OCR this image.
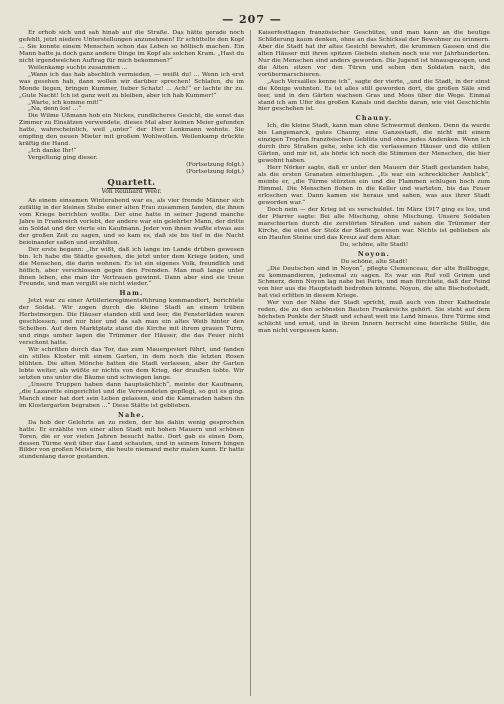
— 207 —

Er erhob sich und sah hinab auf die Straße. Das hätte gerade noch gefehlt, jetzt niedere Unterstellungen anzunehmen! Er schüttelte den Kopf ... Sie konnte einem Menschen schon das Leben so höllisch machen. Ein Mann hatte ja doch ganz andere Dinge im Kopf als solchen Kram. „Hast du nicht irgendwelchen Auftrag für mich bekommen?“

Weilenkamp suchte zusammen ...

„Wann ich das hab abschlich vermieden, — weißt du! ... Wenn ich erst was gesehen hab, dann wollen wir darüber sprechen! Schlafen, du im Monde liegen, bringen Kummer, lieber Schatz! ... Ach!“ er lachte ihr zu. „Gute Nacht! Ich ist ganz weit zu bleiben, aber ich hab Kummer!“

„Warte, ich komme mit!“

„Na, denn los! ...“

Die Wilme Ußmann hob ein Nickes, rundlicheres Gesicht, die sonst das Zimmer zu Einsätzen verwendete, dieses Mal aber keinen Meier gefunden hatte, wahrscheinlich, weil „unter“ der Herr Lenkmann wohnte. Sie empfing den neuen Mieter mit großem Wohlwollen. Weilenkamp drückte kräftig die Hand.

„Ich danke Ihr!“

Vergeltung ging dieser.

(Fortsetzung folgt.)
(Fortsetzung folgt.)
Quartett.
Von Reinhard Weer.

An einem einsamen Winterabend war es, als vier fremde Männer sich zufällig in der kleinen Stube einer alten Frau zusammen fanden, die ihnen vom Kriege berichten wollte. Der eine hatte in seiner Jugend manche Jahre in Frankreich verlebt, der andere war ein gelehrter Mann, der dritte ein Soldat und der vierte ein Kaufmann. Jeder von ihnen wußte etwas aus der großen Zeit zu sagen, und so kam es, daß sie bis tief in die Nacht beieinander saßen und erzählten.

Der erste begann: „Ihr wißt, daß ich lange im Lande drüben gewesen bin. Ich habe die Städte gesehen, die jetzt unter dem Kriege leiden, und die Menschen, die darin wohnen. Es ist ein eigenes Volk, freundlich und höflich, aber verschlossen gegen den Fremden. Man muß lange unter ihnen leben, ehe man ihr Vertrauen gewinnt. Dann aber sind sie treue Freunde, und man vergißt sie nicht wieder.“

Ham.

Jetzt war zu einer Artillerieregimentsführung kommandiert, berichtete der Soldat. Wir zogen durch die kleine Stadt an einem trüben Herbstmorgen. Die Häuser standen still und leer, die Fensterläden waren geschlossen, und nur hier und da sah man ein altes Weib hinter den Scheiben. Auf dem Marktplatz stand die Kirche mit ihrem grauen Turm, und rings umher lagen die Trümmer der Häuser, die das Feuer nicht verschont hatte.

Wir schritten durch das Tor, das zum Mauergeviert führt, und fanden ein stilles Kloster mit einem Garten, in dem noch die letzten Rosen blühten. Die alten Mönche hatten die Stadt verlassen, aber ihr Garten lebte weiter, als wüßte er nichts von dem Krieg, der draußen tobte. Wir setzten uns unter die Bäume und schwiegen lange.

„Unsere Truppen haben dann hauptsächlich“, meinte der Kaufmann, „die Lazarette eingerichtet und die Verwundeten gepflegt, so gut es ging. Manch einer hat dort sein Leben gelassen, und die Kameraden haben ihn im Klostergarten begraben ...“ Diese Stätte ist geblieben.

Nahe.

Da hob der Gelehrte an zu reden, der bis dahin wenig gesprochen hatte. Er erzählte von einer alten Stadt mit hohen Mauern und schönen Toren, die er vor vielen Jahren besucht hatte. Dort gab es einen Dom, dessen Türme weit über das Land schauten, und in seinem Innern hingen Bilder von großen Meistern, die heute niemand mehr malen kann. Er hatte stundenlang davor gestanden.

Kaiserfesttagen französischer Geschütze, und man kann an die heutige Schilderung kaum denken, ohne an das Schicksal der Bewohner zu erinnern. Aber die Stadt hat ihr altes Gesicht bewahrt, die krummen Gassen und die alten Häuser mit ihren spitzen Giebeln stehen noch wie vor Jahrhunderten. Nur die Menschen sind anders geworden. Die Jugend ist hinausgezogen, und die Alten sitzen vor den Türen und sehen den Soldaten nach, die vorübermarschieren.

„Auch Versailles kenne ich“, sagte der vierte, „und die Stadt, in der einst die Könige wohnten. Es ist alles still geworden dort, die großen Säle sind leer, und in den Gärten wachsen Gras und Moos über die Wege. Einmal stand ich am Ufer des großen Kanals und dachte daran, wie viel Geschichte hier geschehen ist.

Chauny.

Ich, die kleine Stadt, kann man ohne Schwermut denken. Denn da wurde bis Langemarck, gutes Chauny, eine Ganzestadt, die nicht mit einem einzigen Tropfen französischen Geblüts und ohne jedes Andenken. Wenn ich durch ihre Straßen gehe, sehe ich die verlassenen Häuser und die stillen Gärten, und mir ist, als hörte ich noch die Stimmen der Menschen, die hier gewohnt haben.

Herr Nörker sagte, daß er unter den Mauern der Stadt gestanden habe, als die ersten Granaten einschlugen. „Es war ein schrecklicher Anblick“, meinte er, „die Türme stürzten ein und die Flammen schlugen hoch zum Himmel. Die Menschen flohen in die Keller und warteten, bis das Feuer erloschen war. Dann kamen sie heraus und sahen, was aus ihrer Stadt geworden war.“

Doch nein — der Krieg ist es verschuldet. Im März 1917 ging es los, und der Pfarrer sagte: Bei alle Mischung, ohne Mischung. Unsere Soldaten marschierten durch die zerstörten Straßen und sahen die Trümmer der Kirche, die einst der Stolz der Stadt gewesen war. Nichts ist geblieben als ein Haufen Steine und das Kreuz auf dem Altar.

Du, schöne, alte Stadt!
Noyon.
Du schöne, alte Stadt!

„Die Deutschen sind in Noyon“, pflegte Clemenceau, der alte Bullbogge, zu kommandieren, jedesmal zu sagen. Es war ein Ruf voll Grimm und Schmerz, denn Noyon lag nahe bei Paris, und man fürchtete, daß der Feind von hier aus die Hauptstadt bedrohen könnte. Noyon, die alte Bischofsstadt, hat viel erlitten in diesem Kriege.

Wer von der Nähe der Stadt spricht, muß auch von ihrer Kathedrale reden, die zu den schönsten Bauten Frankreichs gehört. Sie steht auf dem höchsten Punkte der Stadt und schaut weit ins Land hinaus. Ihre Türme sind schlicht und ernst, und in ihrem Innern herrscht eine feierliche Stille, die man nicht vergessen kann.
